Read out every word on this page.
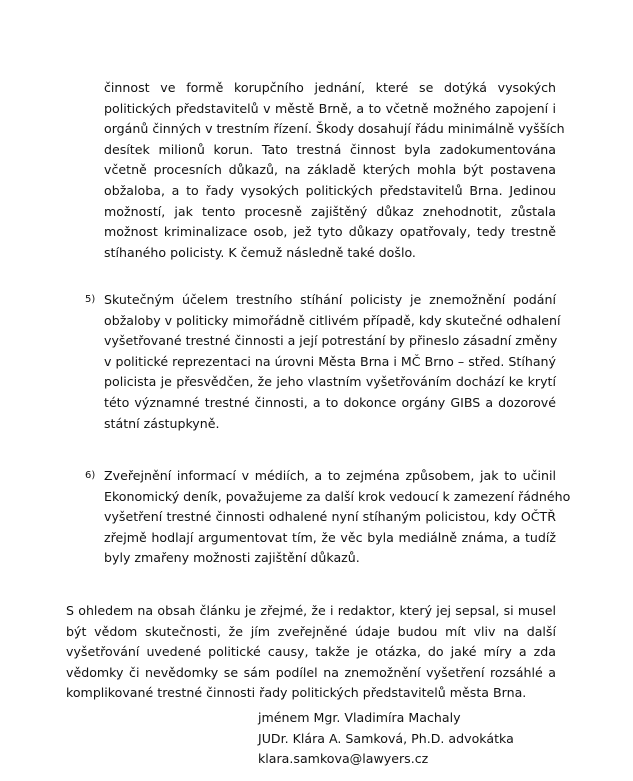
činnost ve formě korupčního jednání, které se dotýká vysokých
politických představitelů v městě Brně, a to včetně možného zapojení i
orgánů činných v trestním řízení. Škody dosahují řádu minimálně vyšších
desítek milionů korun. Tato trestná činnost byla zadokumentována
včetně procesních důkazů, na základě kterých mohla být postavena
obžaloba, a to řady vysokých politických představitelů Brna. Jedinou
možností, jak tento procesně zajištěný důkaz znehodnotit, zůstala
možnost kriminalizace osob, jež tyto důkazy opatřovaly, tedy trestně
stíhaného policisty. K čemuž následně také došlo.
5) Skutečným účelem trestního stíhání policisty je znemožnění podání
obžaloby v politicky mimořádně citlivém případě, kdy skutečné odhalení
vyšetřované trestné činnosti a její potrestání by přineslo zásadní změny
v politické reprezentaci na úrovni Města Brna i MČ Brno – střed. Stíhaný
policista je přesvědčen, že jeho vlastním vyšetřováním dochází ke krytí
této významné trestné činnosti, a to dokonce orgány GIBS a dozorové
státní zástupkyně.
6) Zveřejnění informací v médiích, a to zejména způsobem, jak to učinil
Ekonomický deník, považujeme za další krok vedoucí k zamezení řádného
vyšetření trestné činnosti odhalené nyní stíhaným policistou, kdy OČTŘ
zřejmě hodlají argumentovat tím, že věc byla mediálně známa, a tudíž
byly zmařeny možnosti zajištění důkazů.
S ohledem na obsah článku je zřejmé, že i redaktor, který jej sepsal, si musel
být vědom skutečnosti, že jím zveřejněné údaje budou mít vliv na další
vyšetřování uvedené politické causy, takže je otázka, do jaké míry a zda
vědomky či nevědomky se sám podílel na znemožnění vyšetření rozsáhlé a
komplikované trestné činnosti řady politických představitelů města Brna.
jménem Mgr. Vladimíra Machaly
JUDr. Klára A. Samková, Ph.D. advokátka
klara.samkova@lawyers.cz
